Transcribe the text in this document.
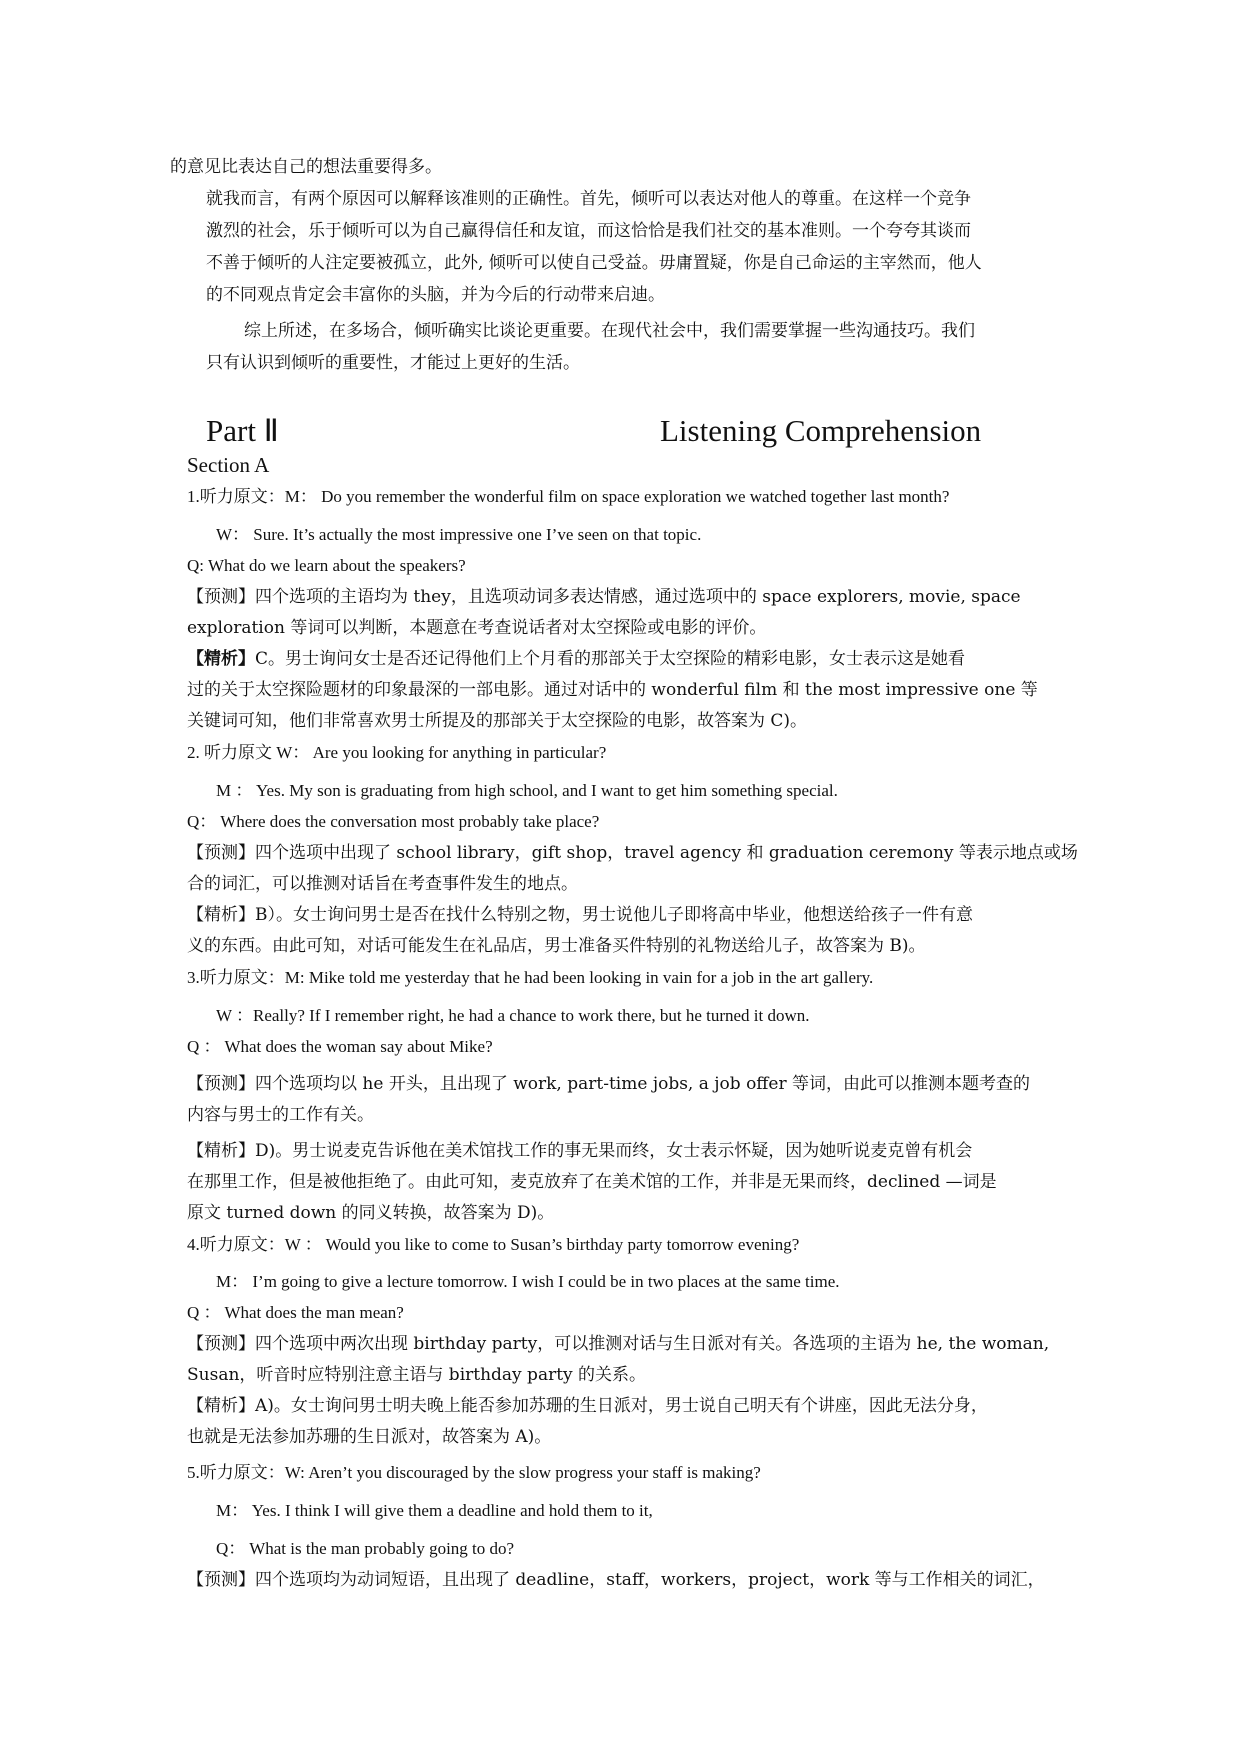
的意见比表达自己的想法重要得多。
就我而言，有两个原因可以解释该准则的正确性。首先，倾听可以表达对他人的尊重。在这样一个竞争
激烈的社会，乐于倾听可以为自己赢得信任和友谊，而这恰恰是我们社交的基本准则。一个夸夸其谈而
不善于倾听的人注定要被孤立，此外, 倾听可以使自己受益。毋庸置疑，你是自己命运的主宰然而，他人
的不同观点肯定会丰富你的头脑，并为今后的行动带来启迪。
综上所述，在多场合，倾听确实比谈论更重要。在现代社会中，我们需要掌握一些沟通技巧。我们
只有认识到倾听的重要性，才能过上更好的生活。
Part Ⅱ	Listening Comprehension
Section A
1.听力原文：M： Do you remember the wonderful film on space exploration we watched together last month?
W： Sure. It’s actually the most impressive one I’ve seen on that topic.
Q: What do we learn about the speakers?
【预测】四个选项的主语均为 they，且选项动词多表达情感，通过选项中的 space explorers, movie, space
exploration 等词可以判断，本题意在考查说话者对太空探险或电影的评价。
【精析】C。男士询问女士是否还记得他们上个月看的那部关于太空探险的精彩电影，女士表示这是她看
过的关于太空探险题材的印象最深的一部电影。通过对话中的 wonderful film 和 the most impressive one 等
关键词可知，他们非常喜欢男士所提及的那部关于太空探险的电影，故答案为 C)。
2. 听力原文 W： Are you looking for anything in particular?
M ： Yes. My son is graduating from high school, and I want to get him something special.
Q： Where does the conversation most probably take place?
【预测】四个选项中出现了 school library，gift shop，travel agency 和 graduation ceremony 等表示地点或场
合的词汇，可以推测对话旨在考查事件发生的地点。
【精析】B）。女士询问男士是否在找什么特别之物，男士说他儿子即将高中毕业，他想送给孩子一件有意
义的东西。由此可知，对话可能发生在礼品店，男士准备买件特别的礼物送给儿子，故答案为 B)。
3.听力原文：M: Mike told me yesterday that he had been looking in vain for a job in the art gallery.
W ：Really? If I remember right, he had a chance to work there, but he turned it down.
Q ： What does the woman say about Mike?
【预测】四个选项均以 he 开头，且出现了 work, part-time jobs, a job offer 等词，由此可以推测本题考查的
内容与男士的工作有关。
【精析】D)。男士说麦克告诉他在美术馆找工作的事无果而终，女士表示怀疑，因为她听说麦克曾有机会
在那里工作，但是被他拒绝了。由此可知，麦克放弃了在美术馆的工作，并非是无果而终，declined —词是
原文 turned down 的同义转换，故答案为 D)。
4.听力原文：W ： Would you like to come to Susan’s birthday party tomorrow evening?
M： I’m going to give a lecture tomorrow. I wish I could be in two places at the same time.
Q ： What does the man mean?
【预测】四个选项中两次出现 birthday party，可以推测对话与生日派对有关。各选项的主语为 he, the woman,
Susan，听音时应特别注意主语与 birthday party 的关系。
【精析】A)。女士询问男士明夫晚上能否参加苏珊的生日派对，男士说自己明天有个讲座，因此无法分身，
也就是无法参加苏珊的生日派对，故答案为 A)。
5.听力原文：W: Aren’t you discouraged by the slow progress your staff is making?
M： Yes. I think I will give them a deadline and hold them to it,
Q： What is the man probably going to do?
【预测】四个选项均为动词短语，且出现了 deadline，staff，workers，project，work 等与工作相关的词汇，
